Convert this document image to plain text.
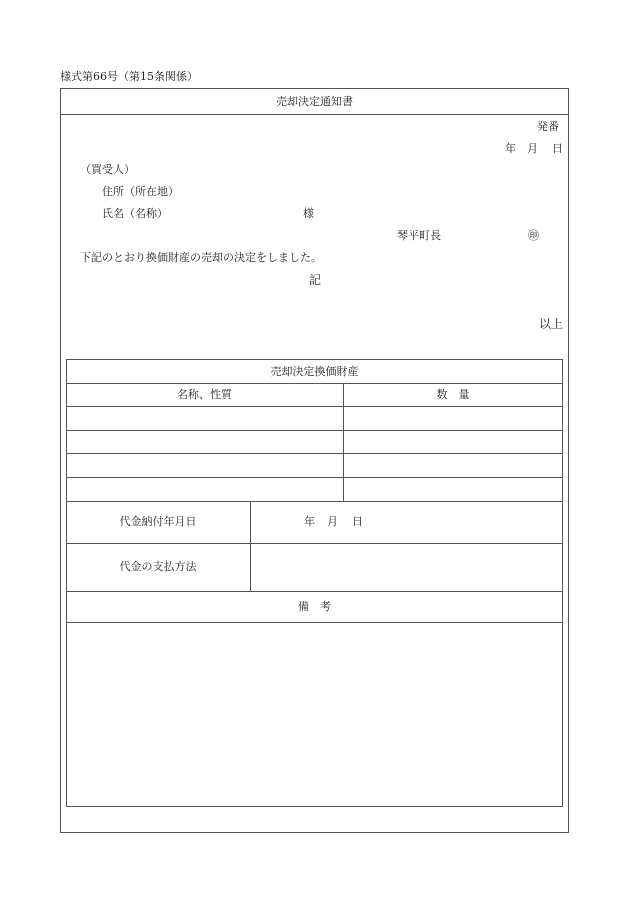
様式第66号（第15条関係）
売却決定通知書
発番
年 月 日
（買受人）
住所（所在地）
氏名（名称）	様
琴平町長	㊞
下記のとおり換価財産の売却の決定をしました。
記
以上
売却決定換価財産
名称、性質	数　量
代金納付年月日	年 月 日
代金の支払方法
備　考
